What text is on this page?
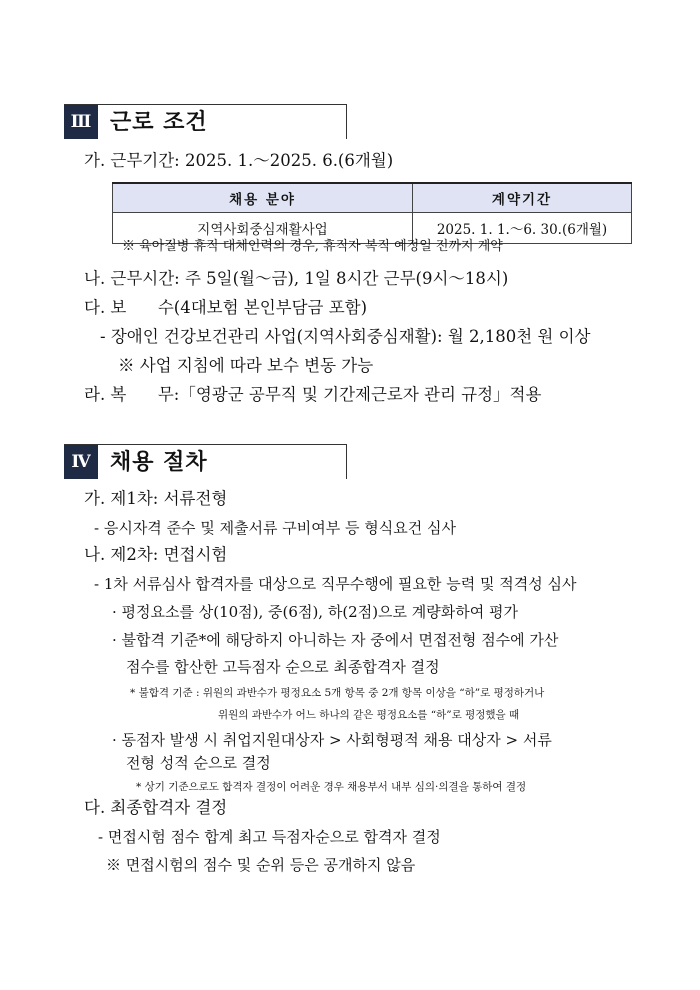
Ⅲ 근로 조건
가. 근무기간: 2025. 1.～2025. 6.(6개월)
채용 분야	계약기간
지역사회중심재활사업	2025. 1. 1.～6. 30.(6개월)
※ 육아질병 휴직 대체인력의 경우, 휴직자 복직 예정일 전까지 계약
나. 근무시간: 주 5일(월～금), 1일 8시간 근무(9시～18시)
다. 보      수(4대보험 본인부담금 포함)
- 장애인 건강보건관리 사업(지역사회중심재활): 월 2,180천 원 이상
※ 사업 지침에 따라 보수 변동 가능
라. 복      무:「영광군 공무직 및 기간제근로자 관리 규정」적용
Ⅳ 채용 절차
가. 제1차: 서류전형
- 응시자격 준수 및 제출서류 구비여부 등 형식요건 심사
나. 제2차: 면접시험
- 1차 서류심사 합격자를 대상으로 직무수행에 필요한 능력 및 적격성 심사
· 평정요소를 상(10점), 중(6점), 하(2점)으로 계량화하여 평가
· 불합격 기준*에 해당하지 아니하는 자 중에서 면접전형 점수에 가산
점수를 합산한 고득점자 순으로 최종합격자 결정
* 불합격 기준 : 위원의 과반수가 평정요소 5개 항목 중 2개 항목 이상을 “하”로 평정하거나
위원의 과반수가 어느 하나의 같은 평정요소를 “하”로 평정했을 때
· 동점자 발생 시 취업지원대상자 > 사회형평적 채용 대상자 > 서류
전형 성적 순으로 결정
* 상기 기준으로도 합격자 결정이 어려운 경우 채용부서 내부 심의·의결을 통하여 결정
다. 최종합격자 결정
- 면접시험 점수 합계 최고 득점자순으로 합격자 결정
※ 면접시험의 점수 및 순위 등은 공개하지 않음
